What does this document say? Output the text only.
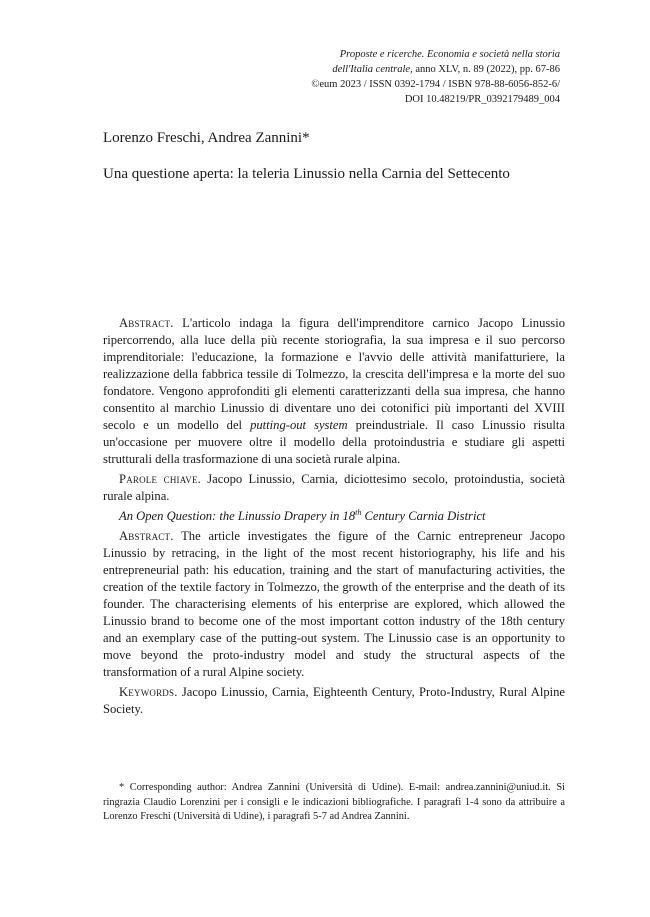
Proposte e ricerche. Economia e società nella storia
dell'Italia centrale, anno XLV, n. 89 (2022), pp. 67-86
©eum 2023 / ISSN 0392-1794 / ISBN 978-88-6056-852-6/
DOI 10.48219/PR_0392179489_004
Lorenzo Freschi, Andrea Zannini*
Una questione aperta: la teleria Linussio nella Carnia del Settecento

Abstract. L'articolo indaga la figura dell'imprenditore carnico Jacopo Linussio ripercorrendo, alla luce della più recente storiografia, la sua impresa e il suo percorso imprenditoriale: l'educazione, la formazione e l'avvio delle attività manifatturiere, la realizzazione della fabbrica tessile di Tolmezzo, la crescita dell'impresa e la morte del suo fondatore. Vengono approfonditi gli elementi caratterizzanti della sua impresa, che hanno consentito al marchio Linussio di diventare uno dei cotonifici più importanti del XVIII secolo e un modello del putting-out system preindustriale. Il caso Linussio risulta un'occasione per muovere oltre il modello della protoindustria e studiare gli aspetti strutturali della trasformazione di una società rurale alpina.

Parole chiave. Jacopo Linussio, Carnia, diciottesimo secolo, protoindustia, società rurale alpina.

An Open Question: the Linussio Drapery in 18th Century Carnia District

Abstract. The article investigates the figure of the Carnic entrepreneur Jacopo Linussio by retracing, in the light of the most recent historiography, his life and his entrepreneurial path: his education, training and the start of manufacturing activities, the creation of the textile factory in Tolmezzo, the growth of the enterprise and the death of its founder. The characterising elements of his enterprise are explored, which allowed the Linussio brand to become one of the most important cotton industry of the 18th century and an exemplary case of the putting-out system. The Linussio case is an opportunity to move beyond the proto-industry model and study the structural aspects of the transformation of a rural Alpine society.

Keywords. Jacopo Linussio, Carnia, Eighteenth Century, Proto-Industry, Rural Alpine Society.

* Corresponding author: Andrea Zannini (Università di Udine). E-mail: andrea.zannini@uniud.it. Si ringrazia Claudio Lorenzini per i consigli e le indicazioni bibliografiche. I paragrafi 1-4 sono da attribuire a Lorenzo Freschi (Università di Udine), i paragrafi 5-7 ad Andrea Zannini.
